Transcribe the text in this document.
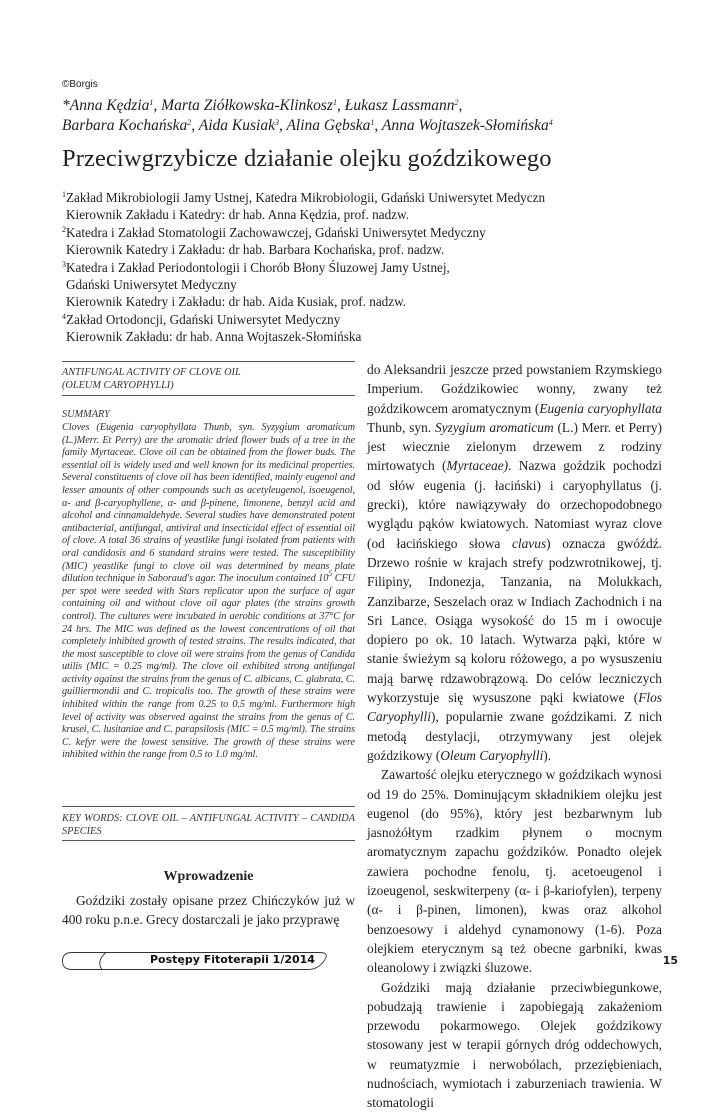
©Borgis

*Anna Kędzia$^1$, Marta Ziółkowska-Klinkosz$^1$, Łukasz Lassmann$^2$,

Barbara Kochańska$^2$, Aida Kusiak$^3$, Alina Gębska$^1$, Anna Wojtaszek-Słomińska$^4$

Przeciwgrzybicze działanie olejku goździkowego
$^1$Zakład Mikrobiologii Jamy Ustnej, Katedra Mikrobiologii, Gdański Uniwersytet Medyczn
Kierownik Zakładu i Katedry: dr hab. Anna Kędzia, prof. nadzw.
$^2$Katedra i Zakład Stomatologii Zachowawczej, Gdański Uniwersytet Medyczny
Kierownik Katedry i Zakładu: dr hab. Barbara Kochańska, prof. nadzw.
$^3$Katedra i Zakład Periodontologii i Chorób Błony Śluzowej Jamy Ustnej,
Gdański Uniwersytet Medyczny
Kierownik Katedry i Zakładu: dr hab. Aida Kusiak, prof. nadzw.
$^4$Zakład Ortodoncji, Gdański Uniwersytet Medyczny
Kierownik Zakładu: dr hab. Anna Wojtaszek-Słomińska
ANTIFUNGAL ACTIVITY OF CLOVE OIL
(OLEUM CARYOPHYLLI)
SUMMARY
Cloves (Eugenia caryophyllata Thunb, syn. Syzygium aromaticum (L.)Merr. Et Perry) are the aromatic dried flower buds of a tree in the family Myrtaceae. Clove oil can be obtained from the flower buds. The essential oil is widely used and well known for its medicinal properties. Several constituents of clove oil has been identified, mainly eugenol and lesser amounts of other compounds such as acetyleugenol, isoeugenol, α- and β-caryophyllene, α- and β-pinene, limonene, benzyl acid and alcohol and cinnamaldehyde. Several studies have demonstrated potent antibacterial, antifungal, antiviral and insecticidal effect of essential oil of clove. A total 36 strains of yeastlike fungi isolated from patients with oral candidosis and 6 standard strains were tested. The susceptibility (MIC) yeastlike fungi to clove oil was determined by means plate dilution technique in Saboraud's agar. The inoculum contained $10^5$ CFU per spot were seeded with Stars replicator upon the surface of agar containing oil and without clove oil agar plates (the strains growth control). The cultures were incubated in aerobic conditions at 37°C for 24 hrs. The MIC was defined as the lowest concentrations of oil that completely inhibited growth of tested strains. The results indicated, that the most susceptible to clove oil were strains from the genus of Candida utilis (MIC = 0.25 mg/ml). The clove oil exhibited strong antifungal activity against the strains from the genus of C. albicans, C. glabrata, C. guilliermondii and C. tropicalis too. The growth of these strains were inhibited within the range from 0.25 to 0.5 mg/ml. Furthermore high level of activity was observed against the strains from the genus of C. krusei, C. lusitaniae and C. parapsilosis (MIC = 0.5 mg/ml). The strains C. kefyr were the lowest sensitive. The growth of these strains were inhibited within the range from 0.5 to 1.0 mg/ml.
KEY WORDS: CLOVE OIL – ANTIFUNGAL ACTIVITY – CANDIDA SPECIES
Wprowadzenie

Goździki zostały opisane przez Chińczyków już w 400 roku p.n.e. Grecy dostarczali je jako przyprawę

do Aleksandrii jeszcze przed powstaniem Rzymskiego Imperium. Goździkowiec wonny, zwany też goździkowcem aromatycznym (Eugenia caryophyllata Thunb, syn. Syzygium aromaticum (L.) Merr. et Perry) jest wiecznie zielonym drzewem z rodziny mirtowatych (Myrtaceae). Nazwa goździk pochodzi od słów eugenia (j. łaciński) i caryophyllatus (j. grecki), które nawiązywały do orzechopodobnego wyglądu pąków kwiatowych. Natomiast wyraz clove (od łacińskiego słowa clavus) oznacza gwóźdź. Drzewo rośnie w krajach strefy podzwrotnikowej, tj. Filipiny, Indonezja, Tanzania, na Molukkach, Zanzibarze, Seszelach oraz w Indiach Zachodnich i na Sri Lance. Osiąga wysokość do 15 m i owocuje dopiero po ok. 10 latach. Wytwarza pąki, które w stanie świeżym są koloru różowego, a po wysuszeniu mają barwę rdzawobrązową. Do celów leczniczych wykorzystuje się wysuszone pąki kwiatowe (Flos Caryophylli), popularnie zwane goździkami. Z nich metodą destylacji, otrzymywany jest olejek goździkowy (Oleum Caryophylli).

Zawartość olejku eterycznego w goździkach wynosi od 19 do 25%. Dominującym składnikiem olejku jest eugenol (do 95%), który jest bezbarwnym lub jasnożółtym rzadkim płynem o mocnym aromatycznym zapachu goździków. Ponadto olejek zawiera pochodne fenolu, tj. acetoeugenol i izoeugenol, seskwiterpeny (α- i β-kariofylen), terpeny (α- i β-pinen, limonen), kwas oraz alkohol benzoesowy i aldehyd cynamonowy (1-6). Poza olejkiem eterycznym są też obecne garbniki, kwas oleanolowy i związki śluzowe.

Goździki mają działanie przeciwbiegunkowe, pobudzają trawienie i zapobiegają zakażeniom przewodu pokarmowego. Olejek goździkowy stosowany jest w terapii górnych dróg oddechowych, w reumatyzmie i nerwobólach, przeziębieniach, nudnościach, wymiotach i zaburzeniach trawienia. W stomatologii

Postępy Fitoterapii 1/2014	15
